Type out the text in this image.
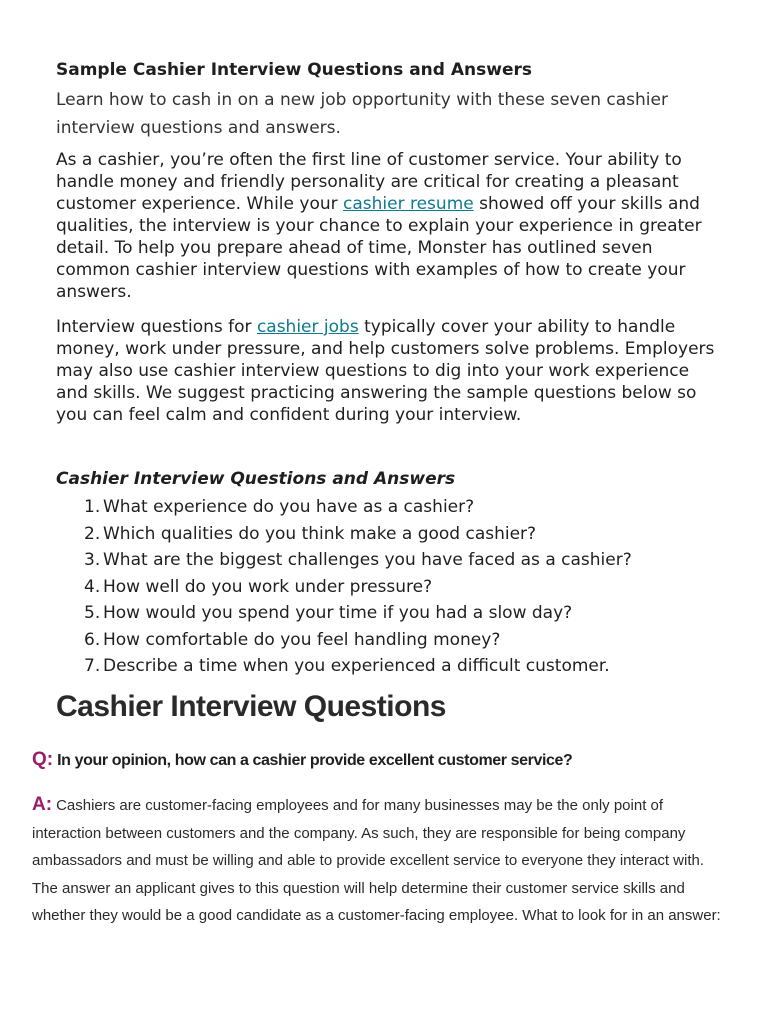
Sample Cashier Interview Questions and Answers

Learn how to cash in on a new job opportunity with these seven cashier interview questions and answers.

As a cashier, you’re often the first line of customer service. Your ability to handle money and friendly personality are critical for creating a pleasant customer experience. While your cashier resume showed off your skills and qualities, the interview is your chance to explain your experience in greater detail. To help you prepare ahead of time, Monster has outlined seven common cashier interview questions with examples of how to create your answers.

Interview questions for cashier jobs typically cover your ability to handle money, work under pressure, and help customers solve problems. Employers may also use cashier interview questions to dig into your work experience and skills. We suggest practicing answering the sample questions below so you can feel calm and confident during your interview.

Cashier Interview Questions and Answers
1. What experience do you have as a cashier?
2. Which qualities do you think make a good cashier?
3. What are the biggest challenges you have faced as a cashier?
4. How well do you work under pressure?
5. How would you spend your time if you had a slow day?
6. How comfortable do you feel handling money?
7. Describe a time when you experienced a difficult customer.
Cashier Interview Questions
Q: In your opinion, how can a cashier provide excellent customer service?

A: Cashiers are customer-facing employees and for many businesses may be the only point of interaction between customers and the company. As such, they are responsible for being company ambassadors and must be willing and able to provide excellent service to everyone they interact with. The answer an applicant gives to this question will help determine their customer service skills and whether they would be a good candidate as a customer-facing employee. What to look for in an answer:
